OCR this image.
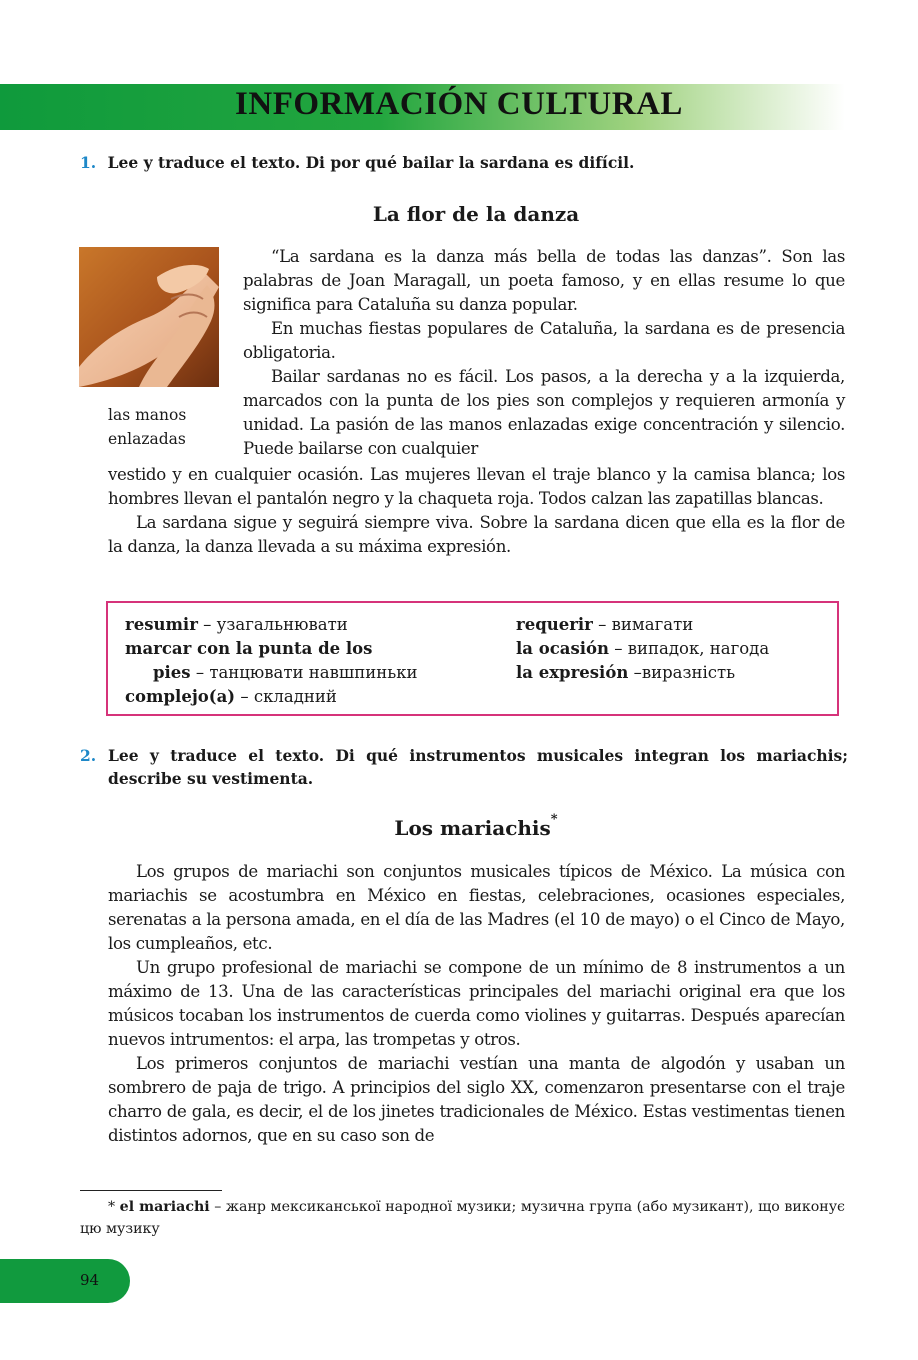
INFORMACIÓN CULTURAL
1. Lee y traduce el texto. Di por qué bailar la sardana es difícil.
La flor de la danza
las manos
enlazadas

“La sardana es la danza más bella de todas las danzas”. Son las palabras de Joan Maragall, un poeta famoso, y en ellas resume lo que significa para Cataluña su danza popular.

En muchas fiestas populares de Cataluña, la sardana es de presencia obligatoria.

Bailar sardanas no es fácil. Los pasos, a la derecha y a la izquierda, marcados con la punta de los pies son complejos y requieren armonía y unidad. La pasión de las manos enlazadas exige concentración y silencio. Puede bailarse con cualquier

vestido y en cualquier ocasión. Las mujeres llevan el traje blanco y la camisa blanca; los hombres llevan el pantalón negro y la chaqueta roja. Todos calzan las zapatillas blancas.

La sardana sigue y seguirá siempre viva. Sobre la sardana dicen que ella es la flor de la danza, la danza llevada a su máxima expresión.

resumir – узагальнювати
marcar con la punta de los
pies – танцювати навшпиньки
complejo(a) – складний
requerir – вимагати
la ocasión – випадок, нагода
la expresión –виразність
2. Lee y traduce el texto. Di qué instrumentos musicales integran los mariachis; describe su vestimenta.
Los mariachis*

Los grupos de mariachi son conjuntos musicales típicos de México. La música con mariachis se acostumbra en México en fiestas, celebraciones, ocasiones especiales, serenatas a la persona amada, en el día de las Madres (el 10 de mayo) o el Cinco de Mayo, los cumpleaños, etc.

Un grupo profesional de mariachi se compone de un mínimo de 8 instrumentos a un máximo de 13. Una de las características principales del mariachi original era que los músicos tocaban los instrumentos de cuerda como violines y guitarras. Después aparecían nuevos intrumentos: el arpa, las trompetas y otros.

Los primeros conjuntos de mariachi vestían una manta de algodón y usaban un sombrero de paja de trigo. A principios del siglo XX, comenzaron presentarse con el traje charro de gala, es decir, el de los jinetes tradicionales de México. Estas vestimentas tienen distintos adornos, que en su caso son de

* el mariachi – жанр мексиканської народної музики; музична група (або музикант), що виконує цю музику
94
